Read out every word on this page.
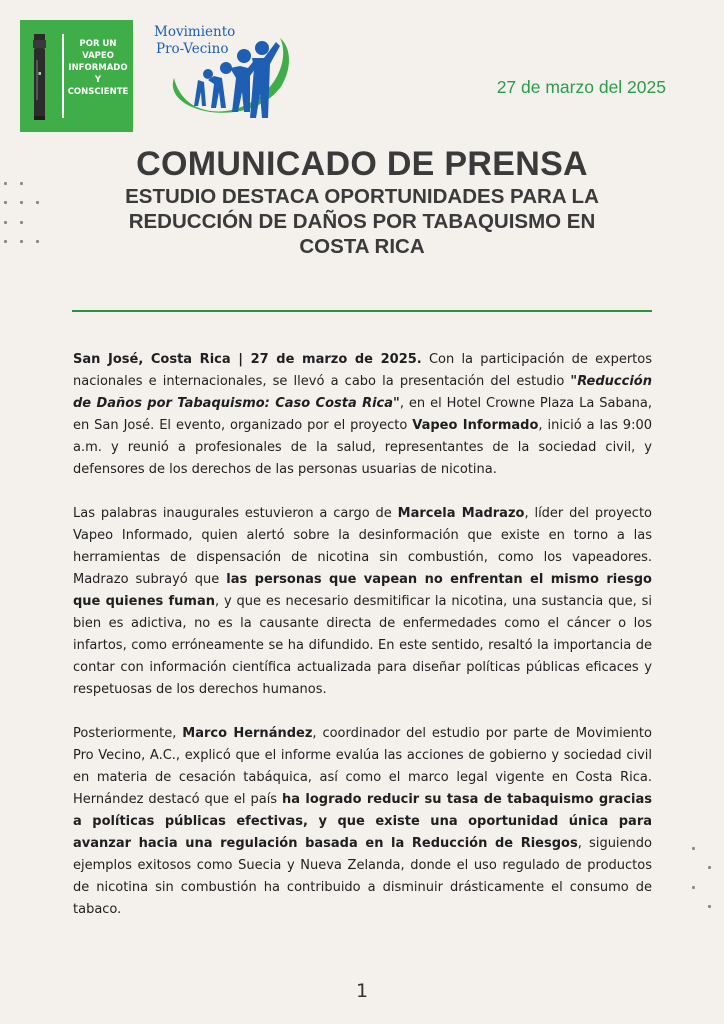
POR UN
VAPEO
INFORMADO
Y
CONSCIENTE
Movimiento
Pro-Vecino
27 de marzo del 2025
COMUNICADO DE PRENSA
ESTUDIO DESTACA OPORTUNIDADES PARA LA
REDUCCIÓN DE DAÑOS POR TABAQUISMO EN
COSTA RICA

San José, Costa Rica | 27 de marzo de 2025. Con la participación de expertos nacionales e internacionales, se llevó a cabo la presentación del estudio "Reducción de Daños por Tabaquismo: Caso Costa Rica", en el Hotel Crowne Plaza La Sabana, en San José. El evento, organizado por el proyecto Vapeo Informado, inició a las 9:00 a.m. y reunió a profesionales de la salud, representantes de la sociedad civil, y defensores de los derechos de las personas usuarias de nicotina.

Las palabras inaugurales estuvieron a cargo de Marcela Madrazo, líder del proyecto Vapeo Informado, quien alertó sobre la desinformación que existe en torno a las herramientas de dispensación de nicotina sin combustión, como los vapeadores. Madrazo subrayó que las personas que vapean no enfrentan el mismo riesgo que quienes fuman, y que es necesario desmitificar la nicotina, una sustancia que, si bien es adictiva, no es la causante directa de enfermedades como el cáncer o los infartos, como erróneamente se ha difundido. En este sentido, resaltó la importancia de contar con información científica actualizada para diseñar políticas públicas eficaces y respetuosas de los derechos humanos.

Posteriormente, Marco Hernández, coordinador del estudio por parte de Movimiento Pro Vecino, A.C., explicó que el informe evalúa las acciones de gobierno y sociedad civil en materia de cesación tabáquica, así como el marco legal vigente en Costa Rica. Hernández destacó que el país ha logrado reducir su tasa de tabaquismo gracias a políticas públicas efectivas, y que existe una oportunidad única para avanzar hacia una regulación basada en la Reducción de Riesgos, siguiendo ejemplos exitosos como Suecia y Nueva Zelanda, donde el uso regulado de productos de nicotina sin combustión ha contribuido a disminuir drásticamente el consumo de tabaco.

1
